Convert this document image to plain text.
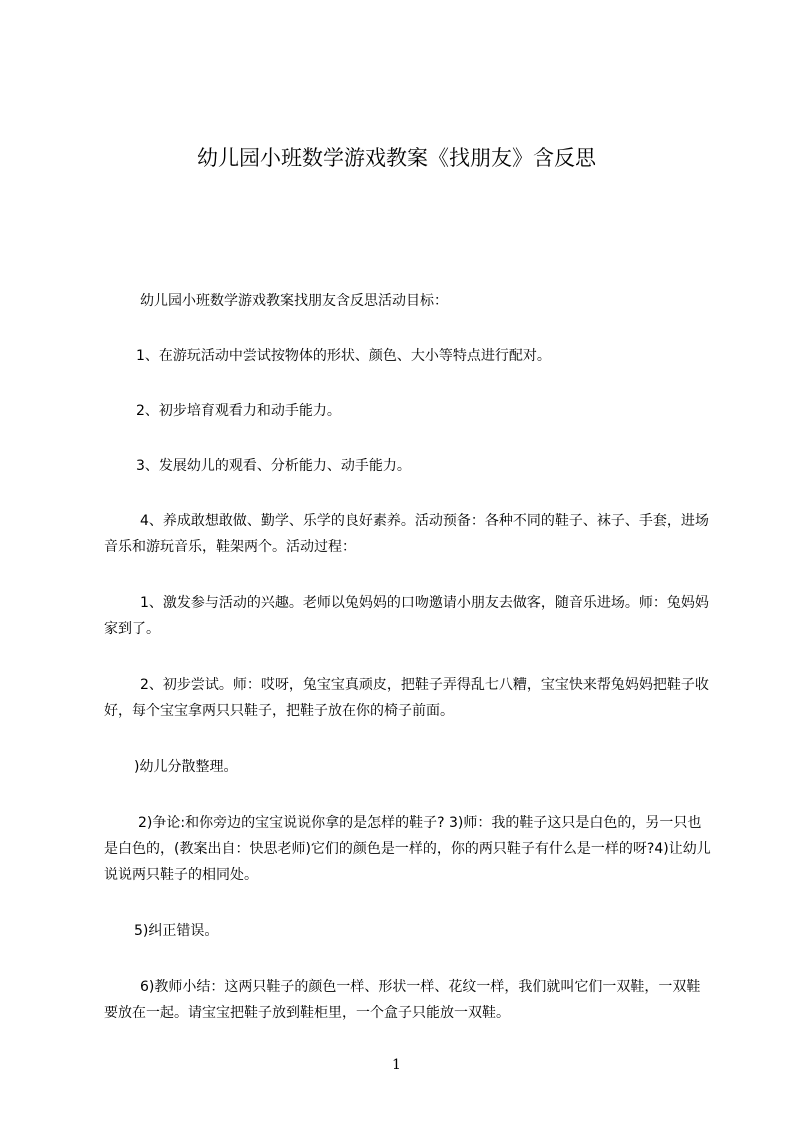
幼儿园小班数学游戏教案《找朋友》含反思

幼儿园小班数学游戏教案找朋友含反思活动目标：

1、在游玩活动中尝试按物体的形状、颜色、大小等特点进行配对。

2、初步培育观看力和动手能力。

3、发展幼儿的观看、分析能力、动手能力。

4、养成敢想敢做、勤学、乐学的良好素养。活动预备：各种不同的鞋子、袜子、手套，进场音乐和游玩音乐，鞋架两个。活动过程：

1、激发参与活动的兴趣。老师以兔妈妈的口吻邀请小朋友去做客，随音乐进场。师：兔妈妈家到了。

2、初步尝试。师：哎呀，兔宝宝真顽皮，把鞋子弄得乱七八糟，宝宝快来帮兔妈妈把鞋子收好，每个宝宝拿两只只鞋子，把鞋子放在你的椅子前面。

)幼儿分散整理。

2)争论:和你旁边的宝宝说说你拿的是怎样的鞋子? 3)师：我的鞋子这只是白色的，另一只也是白色的，(教案出自：快思老师)它们的颜色是一样的，你的两只鞋子有什么是一样的呀?4)让幼儿说说两只鞋子的相同处。

5)纠正错误。

6)教师小结：这两只鞋子的颜色一样、形状一样、花纹一样，我们就叫它们一双鞋，一双鞋要放在一起。请宝宝把鞋子放到鞋柜里，一个盒子只能放一双鞋。

1
